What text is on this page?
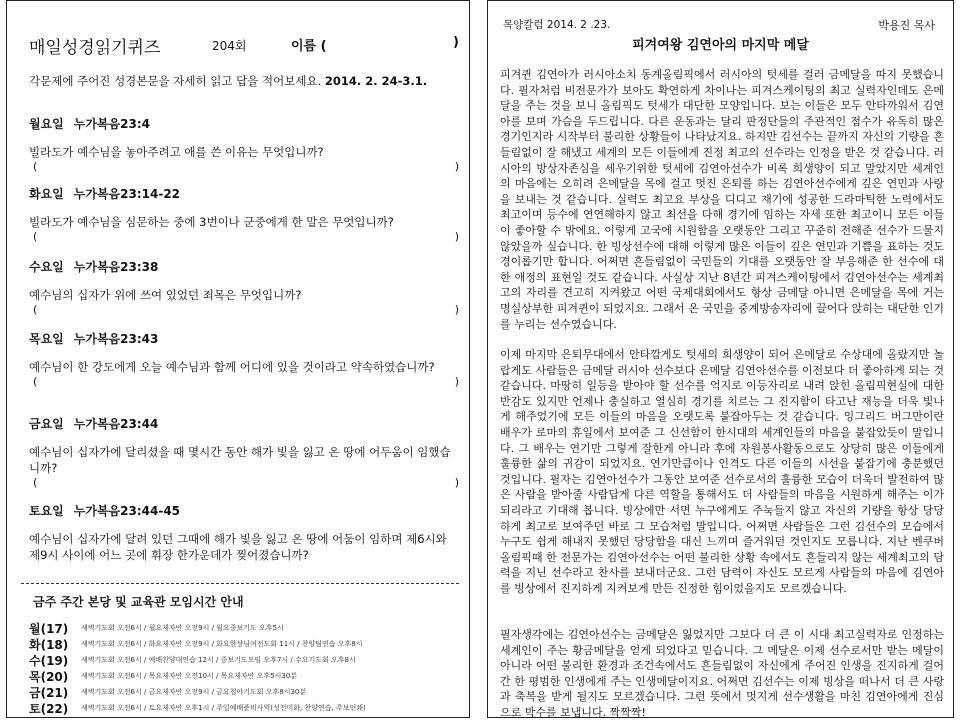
매일성경읽기퀴즈	204회	이름 (	)
각문제에 주어진 성경본문을 자세히 읽고 답을 적어보세요. 2014. 2. 24-3.1.
월요일 누가복음23:4
빌라도가 예수님을 놓아주려고 애를 쓴 이유는 무엇입니까?
(	)
화요일 누가복음23:14-22
빌라도가 예수님을 심문하는 중에 3번이나 군중에게 한 말은 무엇입니까?
(	)
수요일 누가복음23:38
예수님의 십자가 위에 쓰여 있었던 죄목은 무엇입니까?
(	)
목요일 누가복음23:43
예수님이 한 강도에게 오늘 예수님과 함께 어디에 있을 것이라고 약속하였습니까?
(	)
금요일 누가복음23:44
예수님이 십자가에 달리셨을 때 몇시간 동안 해가 빛을 잃고 온 땅에 어두움이 임했습니까?
(	)
토요일 누가복음23:44-45
예수님이 십자가에 달려 있던 그때에 해가 빛을 잃고 온 땅에 어둠이 임하며 제6시와 제9시 사이에 어느 곳에 휘장 한가운데가 찢어졌습니까?
금주 주간 본당 및 교육관 모임시간 안내
월(17) 새벽기도회 오전6시 / 월요제자반 오전9시 / 월요중보기도 오후5시
화(18) 새벽기도회 오전6시 / 화요제자반 오전9시 / 화요한상님여전도회 11시 / 찬양팀연습 오후8시
수(19) 새벽기도회 오전6시 / 예배찬양대연습 12시 / 중보기도모임 오후7시 / 수요기도회 오후8시
목(20) 새벽기도회 오전6시 / 목요제자반 오전10시 / 목요제자반 오후5시30분
금(21) 새벽기도회 오전6시 / 금요제자반 오전9시 / 금요철야기도회 오후8시30분
토(22) 새벽기도회 오전6시 / 토요제자반 오후1시 / 주일예배준비사역(성전미화, 찬양연습, 주보인쇄)
목양칼럼 2014. 2 .23.	박용진 목사
피겨여왕 김연아의 마지막 메달
피겨퀸 김연아가 러시아소치 동계올림픽에서 러시아의 텃세를 걸러 금메달을 따지 못했습니다. 필자처럼 비전문가가 보아도 확연하게 차이나는 피겨스케이팅의 최고 실력자인데도 은메달을 주는 것을 보니 올림픽도 텃세가 대단한 모양입니다. 보는 이들은 모두 안타까워서 김연아를 보며 가슴을 두드립니다. 다른 운동과는 달리 판정단들의 주관적인 점수가 유독히 많은 경기인지라 시작부터 불리한 상황들이 나타났지요. 하지만 김선수는 끝까지 자신의 기량을 흔들림없이 잘 해냈고 세계의 모든 이들에게 진정 최고의 선수라는 인정을 받은 것 같습니다. 러시아의 방상자존심을 세우기위한 텃세에 김연아선수가 비록 희생양이 되고 말았지만 세계인의 마음에는 오히려 은메달을 목에 걸고 멋진 은퇴를 하는 김연아선수에게 깊은 연민과 사랑을 보내는 것 같습니다. 실력도 최고요 부상을 디디고 재기에 성공한 드라마틱한 노력에서도 최고이며 등수에 연연해하지 않고 최선을 다해 경기에 임하는 자세 또한 최고이니 모든 이들이 좋아할 수 밖에요. 이렇게 고국에 시원함을 오랫동안 그리고 꾸준히 전해준 선수가 드물지 않았을까 싶습니다. 한 빙상선수에 대해 이렇게 많은 이들이 깊은 연민과 기쁨을 표하는 것도 경이롭기만 합니다. 어쩌면 흔들림없이 국민들의 기대를 오랫동안 잘 부응해준 한 선수에 대한 애정의 표현일 것도 같습니다. 사실상 지난 8년간 피겨스케이팅에서 김연아선수는 세계최고의 자리를 견고히 지켜왔고 어떤 국제대회에서도 항상 금메달 아니면 은메달을 목에 거는 명실상부한 피겨퀸이 되었지요. 그래서 온 국민을 중계방송자리에 끌어다 앉히는 대단한 인기를 누리는 선수였습니다.
이제 마지막 은퇴무대에서 안타깝게도 텃세의 희생양이 되어 은메달로 수상대에 올랐지만 놀랍게도 사람들은 금메달 러시아 선수보다 은메달 김연아선수를 이전보다 더 좋아하게 되는 것 같습니다. 마땅히 일등을 받아야 할 선수를 억지로 이등자리로 내려 앉힌 올림픽현실에 대한 반감도 있지만 언제나 충실하고 열심히 경기를 치르는 그 진지함이 타고난 재능을 더욱 빛나게 해주었기에 모든 이들의 마음을 오랫도록 붙잡아두는 것 같습니다. 잉그리드 버그만이란 배우가 로마의 휴일에서 보여준 그 신선함이 한시대의 세계인들의 마음을 붙잡았듯이 말입니다. 그 배우는 연기만 그렇게 잘한게 아니라 후에 자원봉사활동으로도 상당히 많은 이들에게 훌륭한 삶의 귀감이 되었지요. 연기만큼이나 인격도 다른 이들의 시선을 붙잡기에 충분했던 것입니다. 필자는 김연아선수가 그동안 보여준 선수로서의 훌륭한 모습이 더욱더 발전하여 많은 사람을 받아줄 사람답게 다른 역할을 통해서도 더 사람들의 마음을 시원하게 해주는 이가 되리라고 기대해 봅니다. 빙상에만 서면 누구에게도 주눅들지 않고 자신의 기량을 항상 당당하게 최고로 보여주던 바로 그 모습처럼 말입니다. 어쩌면 사람들은 그런 김선수의 모습에서 누구도 쉽게 해내지 못했던 당당함을 대신 느끼며 즐거워던 것인지도 모릅니다. 지난 벤쿠버올림픽때 한 전문가는 김연아선수는 어떤 불리한 상황 속에서도 흔들리지 않는 세계최고의 담력을 지닌 선수라고 찬사를 보내더군요. 그런 담력이 자신도 모르게 사람들의 마음에 김연아를 빙상에서 진지하게 지켜보게 만든 진정한 힘이었을지도 모르겠습니다.
필자생각에는 김연아선수는 금메달은 잃었지만 그보다 더 큰 이 시대 최고실력자로 인정하는 세계인이 주는 황금메달을 얻게 되었다고 믿습니다. 그 메달은 이제 선수로서만 받는 메달이 아니라 어떤 불리한 환경과 조건속에서도 흔들림없이 자신에게 주어진 인생을 진지하게 걸어간 한 평범한 인생에게 주는 인생메달이지요. 어쩌면 김선수는 이제 빙상을 떠나서 더 큰 사랑과 축복을 받게 될지도 모르겠습니다. 그런 뜻에서 멋지게 선수생활을 마친 김연아에게 진심으로 박수를 보냅니다. 짝짝짝!
